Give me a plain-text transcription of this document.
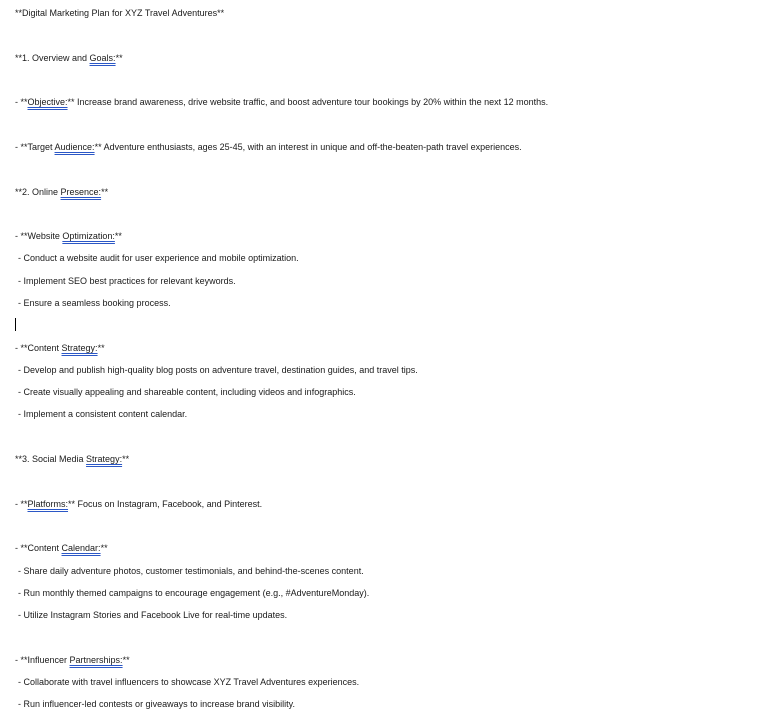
**Digital Marketing Plan for XYZ Travel Adventures**
**1. Overview and Goals:**
- **Objective:** Increase brand awareness, drive website traffic, and boost adventure tour bookings by 20% within the next 12 months.
- **Target Audience:** Adventure enthusiasts, ages 25-45, with an interest in unique and off-the-beaten-path travel experiences.
**2. Online Presence:**
- **Website Optimization:**
- Conduct a website audit for user experience and mobile optimization.
- Implement SEO best practices for relevant keywords.
- Ensure a seamless booking process.
- **Content Strategy:**
- Develop and publish high-quality blog posts on adventure travel, destination guides, and travel tips.
- Create visually appealing and shareable content, including videos and infographics.
- Implement a consistent content calendar.
**3. Social Media Strategy:**
- **Platforms:** Focus on Instagram, Facebook, and Pinterest.
- **Content Calendar:**
- Share daily adventure photos, customer testimonials, and behind-the-scenes content.
- Run monthly themed campaigns to encourage engagement (e.g., #AdventureMonday).
- Utilize Instagram Stories and Facebook Live for real-time updates.
- **Influencer Partnerships:**
- Collaborate with travel influencers to showcase XYZ Travel Adventures experiences.
- Run influencer-led contests or giveaways to increase brand visibility.
